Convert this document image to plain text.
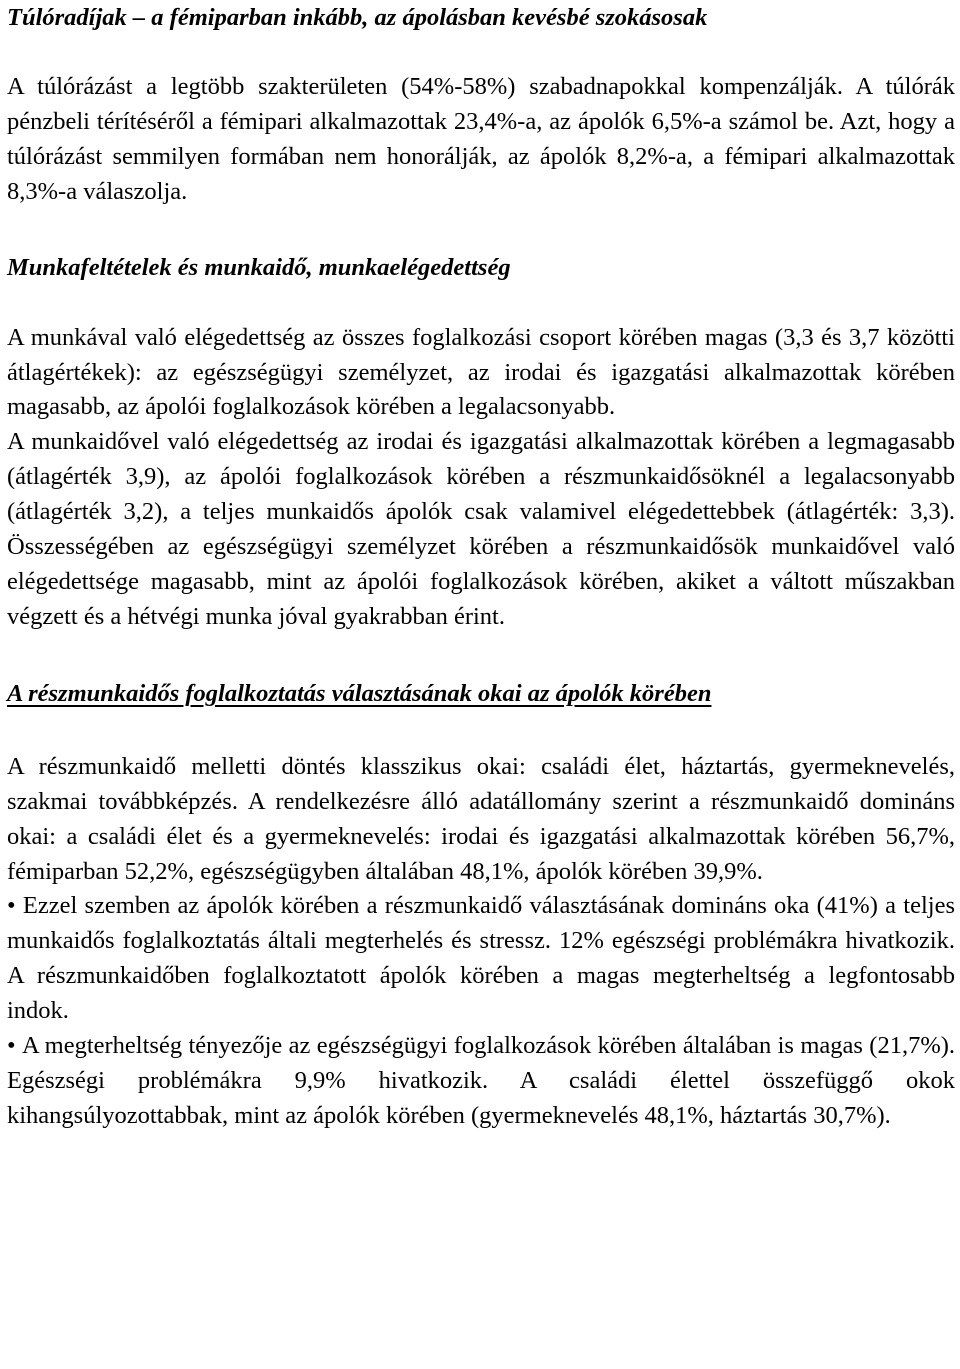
Túlóradíjak – a fémiparban inkább, az ápolásban kevésbé szokásosak

A túlórázást a legtöbb szakterületen (54%-58%) szabadnapokkal kompenzálják. A túlórák pénzbeli térítéséről a fémipari alkalmazottak 23,4%-a, az ápolók 6,5%-a számol be. Azt, hogy a túlórázást semmilyen formában nem honorálják, az ápolók 8,2%-a, a fémipari alkalmazottak 8,3%-a válaszolja.

Munkafeltételek és munkaidő, munkaelégedettség

A munkával való elégedettség az összes foglalkozási csoport körében magas (3,3 és 3,7 közötti átlagértékek): az egészségügyi személyzet, az irodai és igazgatási alkalmazottak körében magasabb, az ápolói foglalkozások körében a legalacsonyabb.

A munkaidővel való elégedettség az irodai és igazgatási alkalmazottak körében a legmagasabb (átlagérték 3,9), az ápolói foglalkozások körében a részmunkaidősöknél a legalacsonyabb (átlagérték 3,2), a teljes munkaidős ápolók csak valamivel elégedettebbek (átlagérték: 3,3). Összességében az egészségügyi személyzet körében a részmunkaidősök munkaidővel való elégedettsége magasabb, mint az ápolói foglalkozások körében, akiket a váltott műszakban végzett és a hétvégi munka jóval gyakrabban érint.

A részmunkaidős foglalkoztatás választásának okai az ápolók körében

A részmunkaidő melletti döntés klasszikus okai: családi élet, háztartás, gyermeknevelés, szakmai továbbképzés. A rendelkezésre álló adatállomány szerint a részmunkaidő domináns okai: a családi élet és a gyermeknevelés: irodai és igazgatási alkalmazottak körében 56,7%, fémiparban 52,2%, egészségügyben általában 48,1%, ápolók körében 39,9%.

• Ezzel szemben az ápolók körében a részmunkaidő választásának domináns oka (41%) a teljes munkaidős foglalkoztatás általi megterhelés és stressz. 12% egészségi problémákra hivatkozik. A részmunkaidőben foglalkoztatott ápolók körében a magas megterheltség a legfontosabb indok.

• A megterheltség tényezője az egészségügyi foglalkozások körében általában is magas (21,7%). Egészségi problémákra 9,9% hivatkozik. A családi élettel összefüggő okok kihangsúlyozottabbak, mint az ápolók körében (gyermeknevelés 48,1%, háztartás 30,7%).
